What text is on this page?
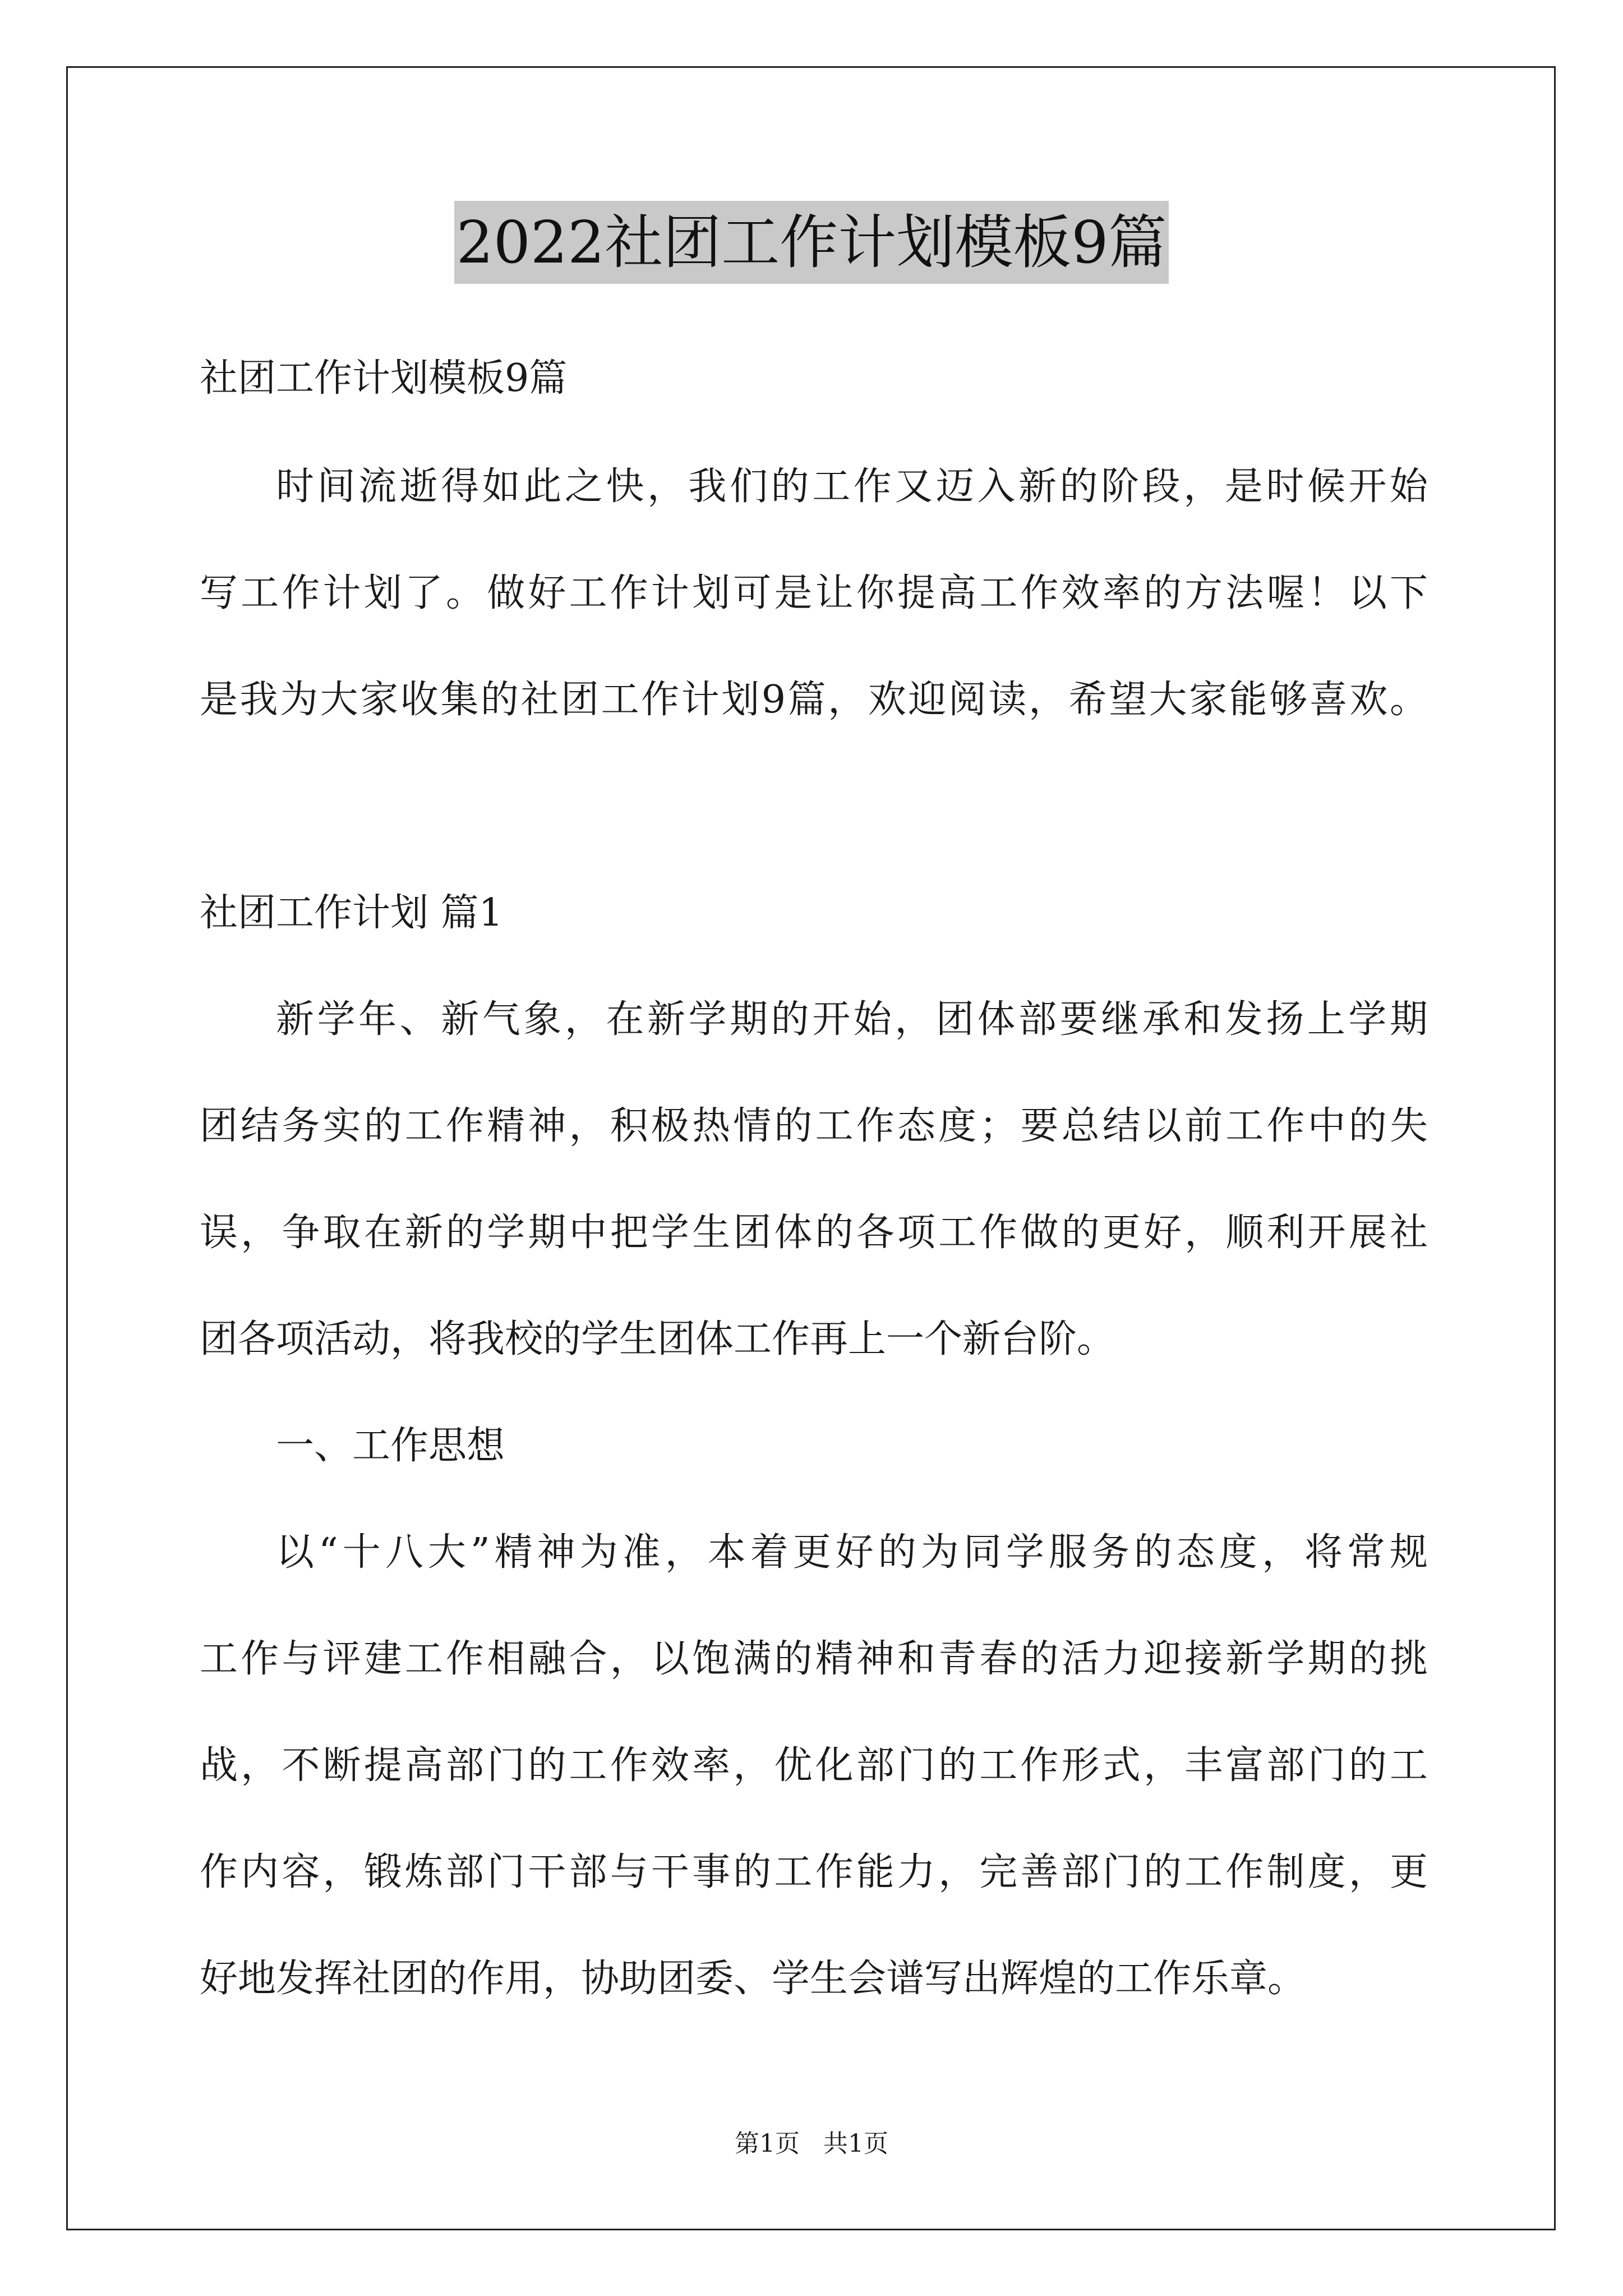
2022社团工作计划模板9篇
社团工作计划模板9篇
时间流逝得如此之快，我们的工作又迈入新的阶段，是时候开始
写工作计划了。做好工作计划可是让你提高工作效率的方法喔！以下
是我为大家收集的社团工作计划9篇，欢迎阅读，希望大家能够喜欢。
社团工作计划 篇1
新学年、新气象，在新学期的开始，团体部要继承和发扬上学期
团结务实的工作精神，积极热情的工作态度；要总结以前工作中的失
误，争取在新的学期中把学生团体的各项工作做的更好，顺利开展社
团各项活动，将我校的学生团体工作再上一个新台阶。
一、工作思想
以“十八大”精神为准，本着更好的为同学服务的态度，将常规
工作与评建工作相融合，以饱满的精神和青春的活力迎接新学期的挑
战，不断提高部门的工作效率，优化部门的工作形式，丰富部门的工
作内容，锻炼部门干部与干事的工作能力，完善部门的工作制度，更
好地发挥社团的作用，协助团委、学生会谱写出辉煌的工作乐章。
第1页 共1页
